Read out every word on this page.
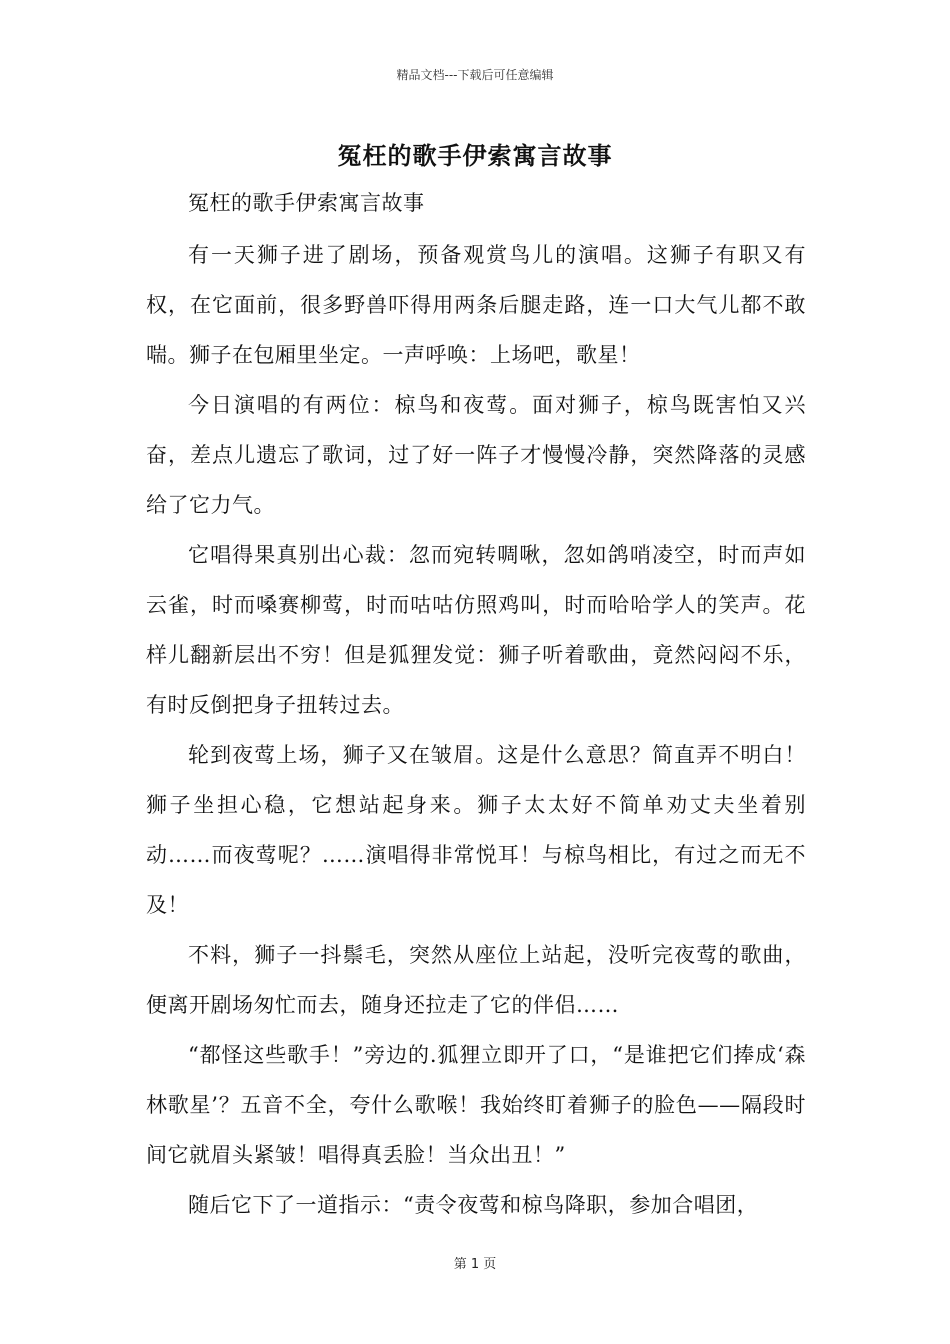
精品文档---下载后可任意编辑
冤枉的歌手伊索寓言故事

冤枉的歌手伊索寓言故事

有一天狮子进了剧场，预备观赏鸟儿的演唱。这狮子有职又有权，在它面前，很多野兽吓得用两条后腿走路，连一口大气儿都不敢喘。狮子在包厢里坐定。一声呼唤：上场吧，歌星！

今日演唱的有两位：椋鸟和夜莺。面对狮子，椋鸟既害怕又兴奋，差点儿遗忘了歌词，过了好一阵子才慢慢冷静，突然降落的灵感给了它力气。

它唱得果真别出心裁：忽而宛转啁啾，忽如鸽哨凌空，时而声如云雀，时而嗓赛柳莺，时而咕咕仿照鸡叫，时而哈哈学人的笑声。花样儿翻新层出不穷！但是狐狸发觉：狮子听着歌曲，竟然闷闷不乐，有时反倒把身子扭转过去。

轮到夜莺上场，狮子又在皱眉。这是什么意思？简直弄不明白！狮子坐担心稳，它想站起身来。狮子太太好不简单劝丈夫坐着别动……而夜莺呢？……演唱得非常悦耳！与椋鸟相比，有过之而无不及！

不料，狮子一抖鬃毛，突然从座位上站起，没听完夜莺的歌曲，便离开剧场匆忙而去，随身还拉走了它的伴侣……

“都怪这些歌手！”旁边的.狐狸立即开了口，“是谁把它们捧成‘森林歌星’？五音不全，夸什么歌喉！我始终盯着狮子的脸色——隔段时间它就眉头紧皱！唱得真丢脸！当众出丑！”

随后它下了一道指示：“责令夜莺和椋鸟降职，参加合唱团，

第 1 页
